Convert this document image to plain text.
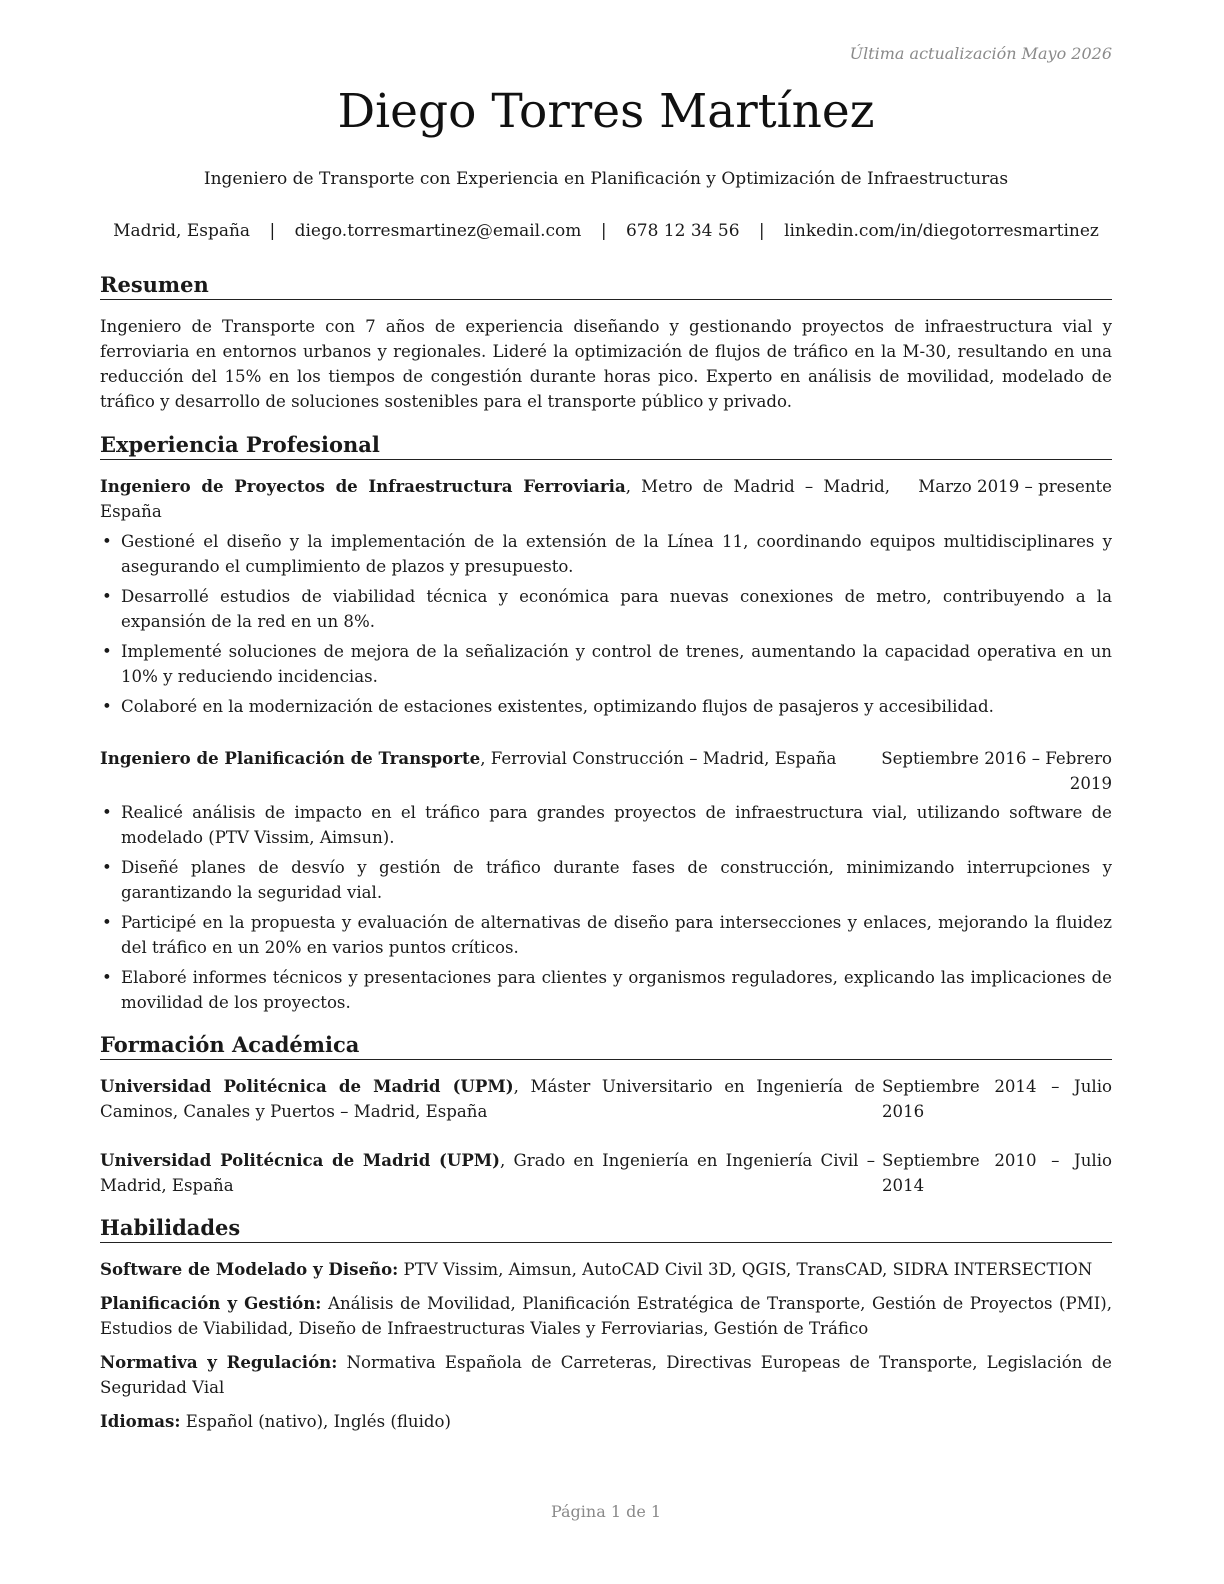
Última actualización Mayo 2026
Diego Torres Martínez
Ingeniero de Transporte con Experiencia en Planificación y Optimización de Infraestructuras
Madrid, España | diego.torresmartinez@email.com | 678 12 34 56 | linkedin.com/in/diegotorresmartinez
Resumen
Ingeniero de Transporte con 7 años de experiencia diseñando y gestionando proyectos de infraestructura vial y ferroviaria en entornos urbanos y regionales. Lideré la optimización de flujos de tráfico en la M-30, resultando en una reducción del 15% en los tiempos de congestión durante horas pico. Experto en análisis de movilidad, modelado de tráfico y desarrollo de soluciones sostenibles para el transporte público y privado.
Experiencia Profesional
Ingeniero de Proyectos de Infraestructura Ferroviaria, Metro de Madrid – Madrid, España
Marzo 2019 – presente
• Gestioné el diseño y la implementación de la extensión de la Línea 11, coordinando equipos multidisciplinares y asegurando el cumplimiento de plazos y presupuesto.
• Desarrollé estudios de viabilidad técnica y económica para nuevas conexiones de metro, contribuyendo a la expansión de la red en un 8%.
• Implementé soluciones de mejora de la señalización y control de trenes, aumentando la capacidad operativa en un 10% y reduciendo incidencias.
• Colaboré en la modernización de estaciones existentes, optimizando flujos de pasajeros y accesibilidad.
Ingeniero de Planificación de Transporte, Ferrovial Construcción – Madrid, España	Septiembre 2016 – Febrero 2019
• Realicé análisis de impacto en el tráfico para grandes proyectos de infraestructura vial, utilizando software de modelado (PTV Vissim, Aimsun).
• Diseñé planes de desvío y gestión de tráfico durante fases de construcción, minimizando interrupciones y garantizando la seguridad vial.
• Participé en la propuesta y evaluación de alternativas de diseño para intersecciones y enlaces, mejorando la fluidez del tráfico en un 20% en varios puntos críticos.
• Elaboré informes técnicos y presentaciones para clientes y organismos reguladores, explicando las implicaciones de movilidad de los proyectos.
Formación Académica
Universidad Politécnica de Madrid (UPM), Máster Universitario en Ingeniería de Caminos, Canales y Puertos – Madrid, España
Septiembre 2014 – Julio 2016
Universidad Politécnica de Madrid (UPM), Grado en Ingeniería en Ingeniería Civil – Madrid, España
Septiembre 2010 – Julio 2014
Habilidades
Software de Modelado y Diseño: PTV Vissim, Aimsun, AutoCAD Civil 3D, QGIS, TransCAD, SIDRA INTERSECTION
Planificación y Gestión: Análisis de Movilidad, Planificación Estratégica de Transporte, Gestión de Proyectos (PMI), Estudios de Viabilidad, Diseño de Infraestructuras Viales y Ferroviarias, Gestión de Tráfico
Normativa y Regulación: Normativa Española de Carreteras, Directivas Europeas de Transporte, Legislación de Seguridad Vial
Idiomas: Español (nativo), Inglés (fluido)
Página 1 de 1
